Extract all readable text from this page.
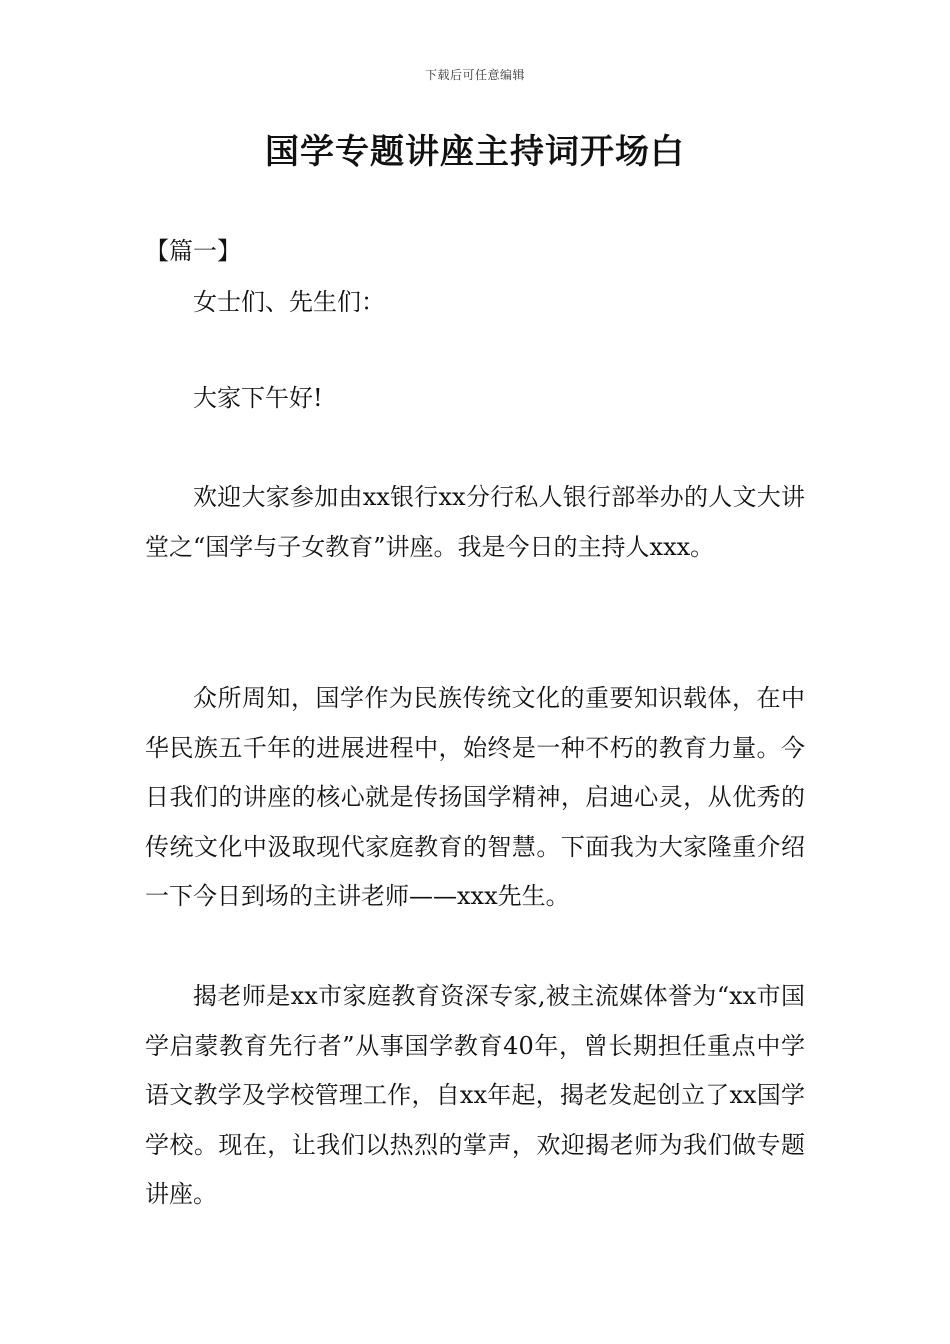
下载后可任意编辑
国学专题讲座主持词开场白
【篇一】

女士们、先生们：

大家下午好!

欢迎大家参加由xx银行xx分行私人银行部举办的人文大讲堂之“国学与子女教育”讲座。我是今日的主持人xxx。

众所周知，国学作为民族传统文化的重要知识载体，在中华民族五千年的进展进程中，始终是一种不朽的教育力量。今日我们的讲座的核心就是传扬国学精神，启迪心灵，从优秀的传统文化中汲取现代家庭教育的智慧。下面我为大家隆重介绍一下今日到场的主讲老师——xxx先生。

揭老师是xx市家庭教育资深专家,被主流媒体誉为“xx市国学启蒙教育先行者”从事国学教育40年，曾长期担任重点中学语文教学及学校管理工作，自xx年起，揭老发起创立了xx国学学校。现在，让我们以热烈的掌声，欢迎揭老师为我们做专题讲座。
